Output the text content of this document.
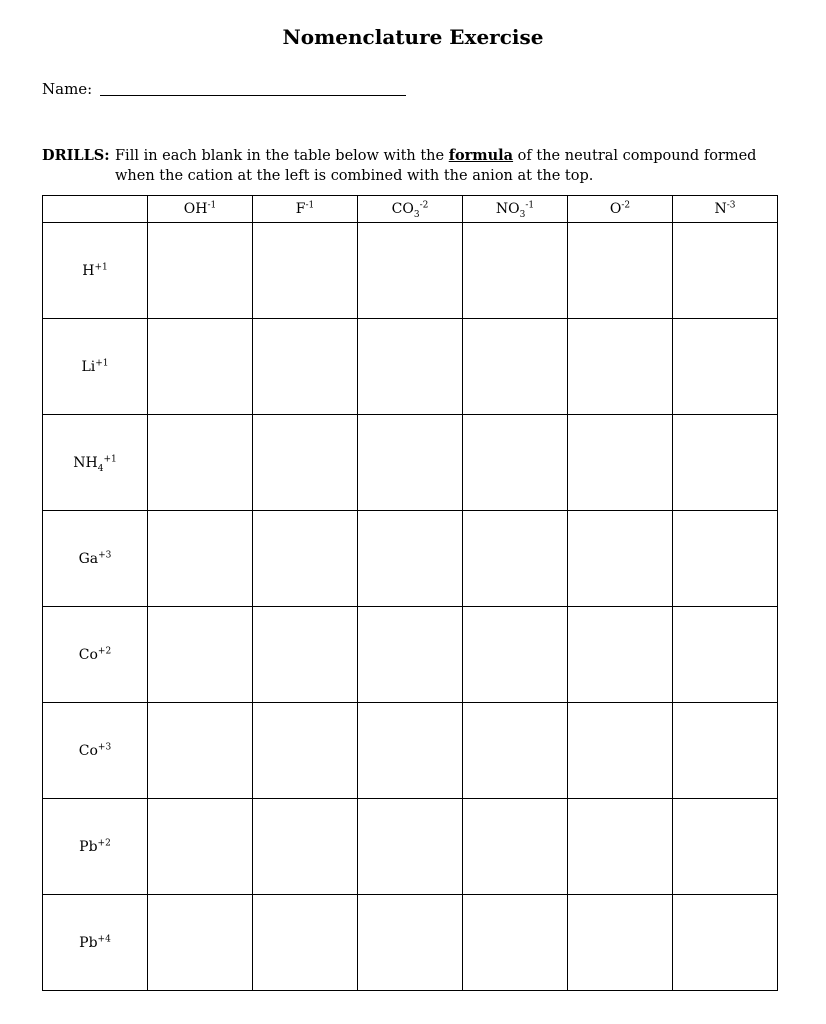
Nomenclature Exercise
Name:
DRILLS: Fill in each blank in the table below with the formula of the neutral compound formed when the cation at the left is combined with the anion at the top.
	$OH^{-1}$	$F^{-1}$	$CO_3^{-2}$	$NO_3^{-1}$	$O^{-2}$	$N^{-3}$
$H^{+1}$						
$Li^{+1}$						
$NH_4^{+1}$						
$Ga^{+3}$						
$Co^{+2}$						
$Co^{+3}$						
$Pb^{+2}$						
$Pb^{+4}$						
